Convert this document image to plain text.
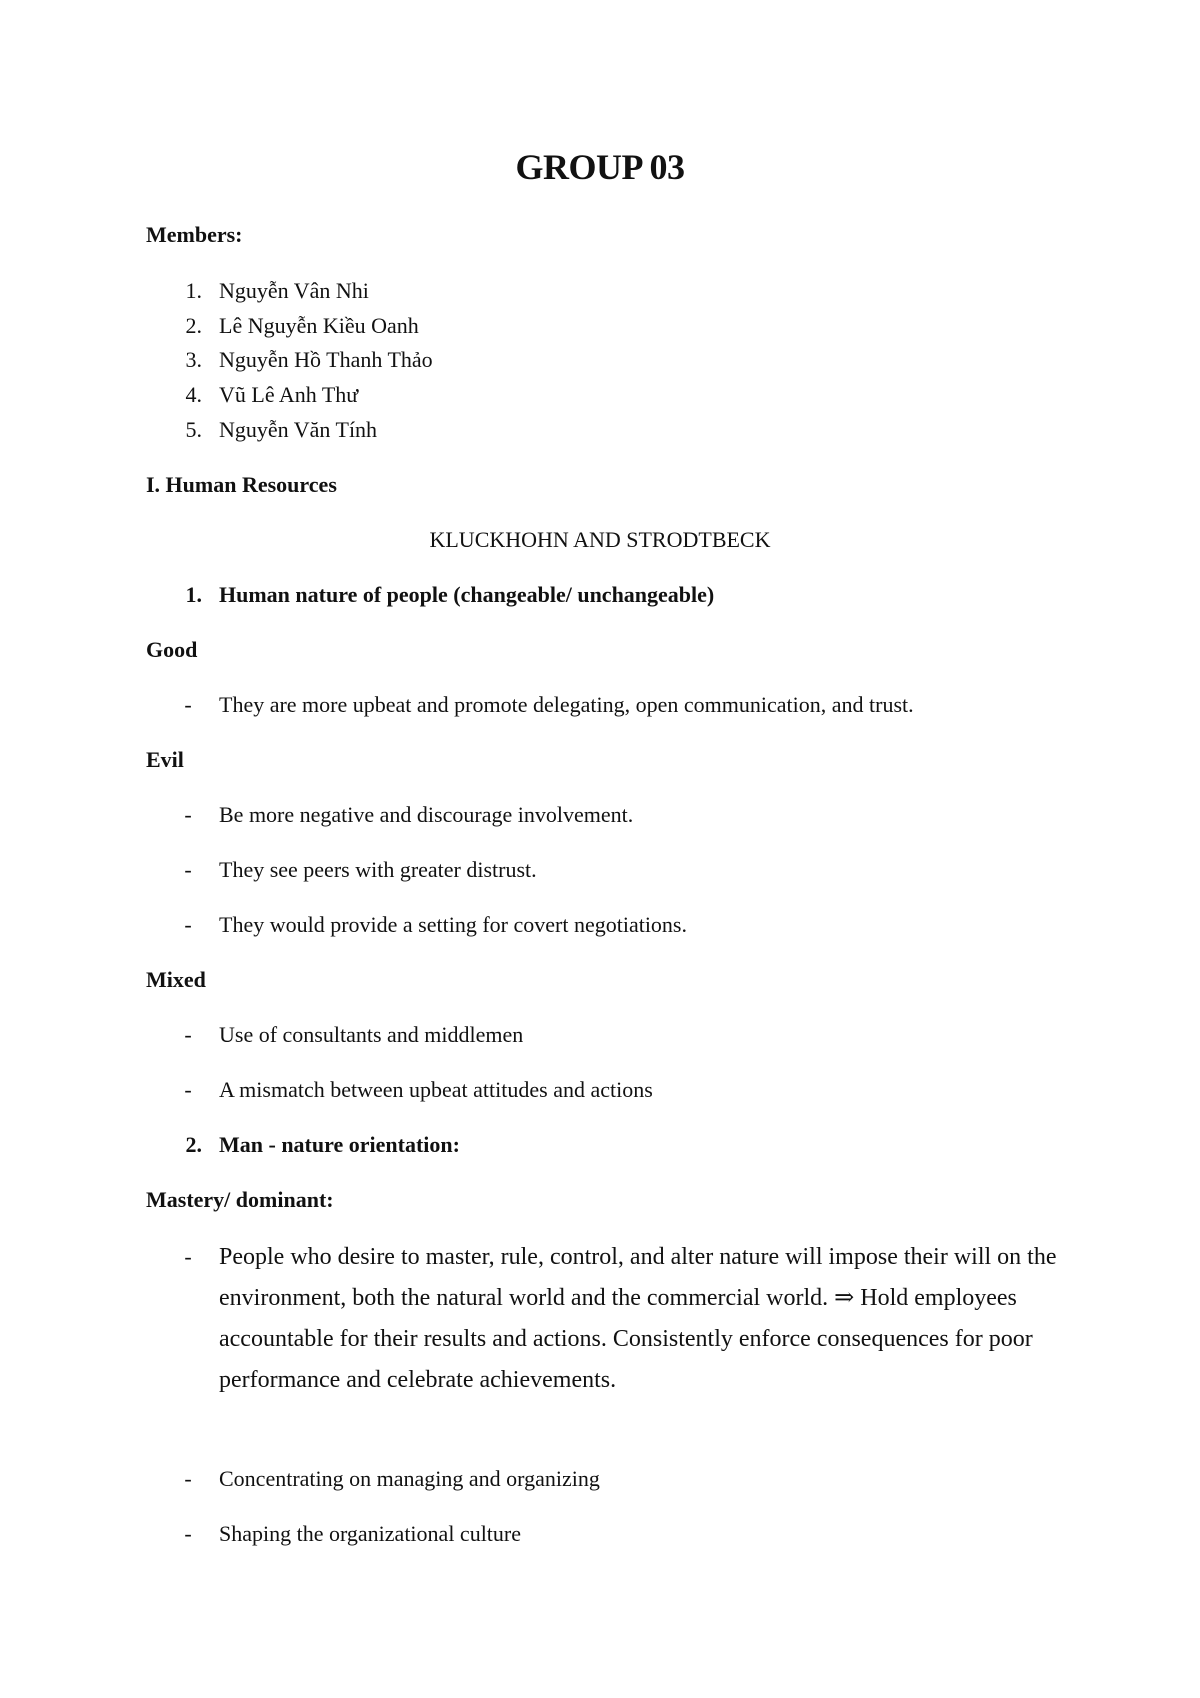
GROUP 03
Members:
1. Nguyễn Vân Nhi
2. Lê Nguyễn Kiều Oanh
3. Nguyễn Hồ Thanh Thảo
4. Vũ Lê Anh Thư
5. Nguyễn Văn Tính
I. Human Resources
KLUCKHOHN AND STRODTBECK
1. Human nature of people (changeable/ unchangeable)
Good
- They are more upbeat and promote delegating, open communication, and trust.
Evil
- Be more negative and discourage involvement.
- They see peers with greater distrust.
- They would provide a setting for covert negotiations.
Mixed
- Use of consultants and middlemen
- A mismatch between upbeat attitudes and actions
2. Man - nature orientation:
Mastery/ dominant:
- People who desire to master, rule, control, and alter nature will impose their will on the environment, both the natural world and the commercial world. ⇒ Hold employees accountable for their results and actions. Consistently enforce consequences for poor performance and celebrate achievements.
- Concentrating on managing and organizing
- Shaping the organizational culture
